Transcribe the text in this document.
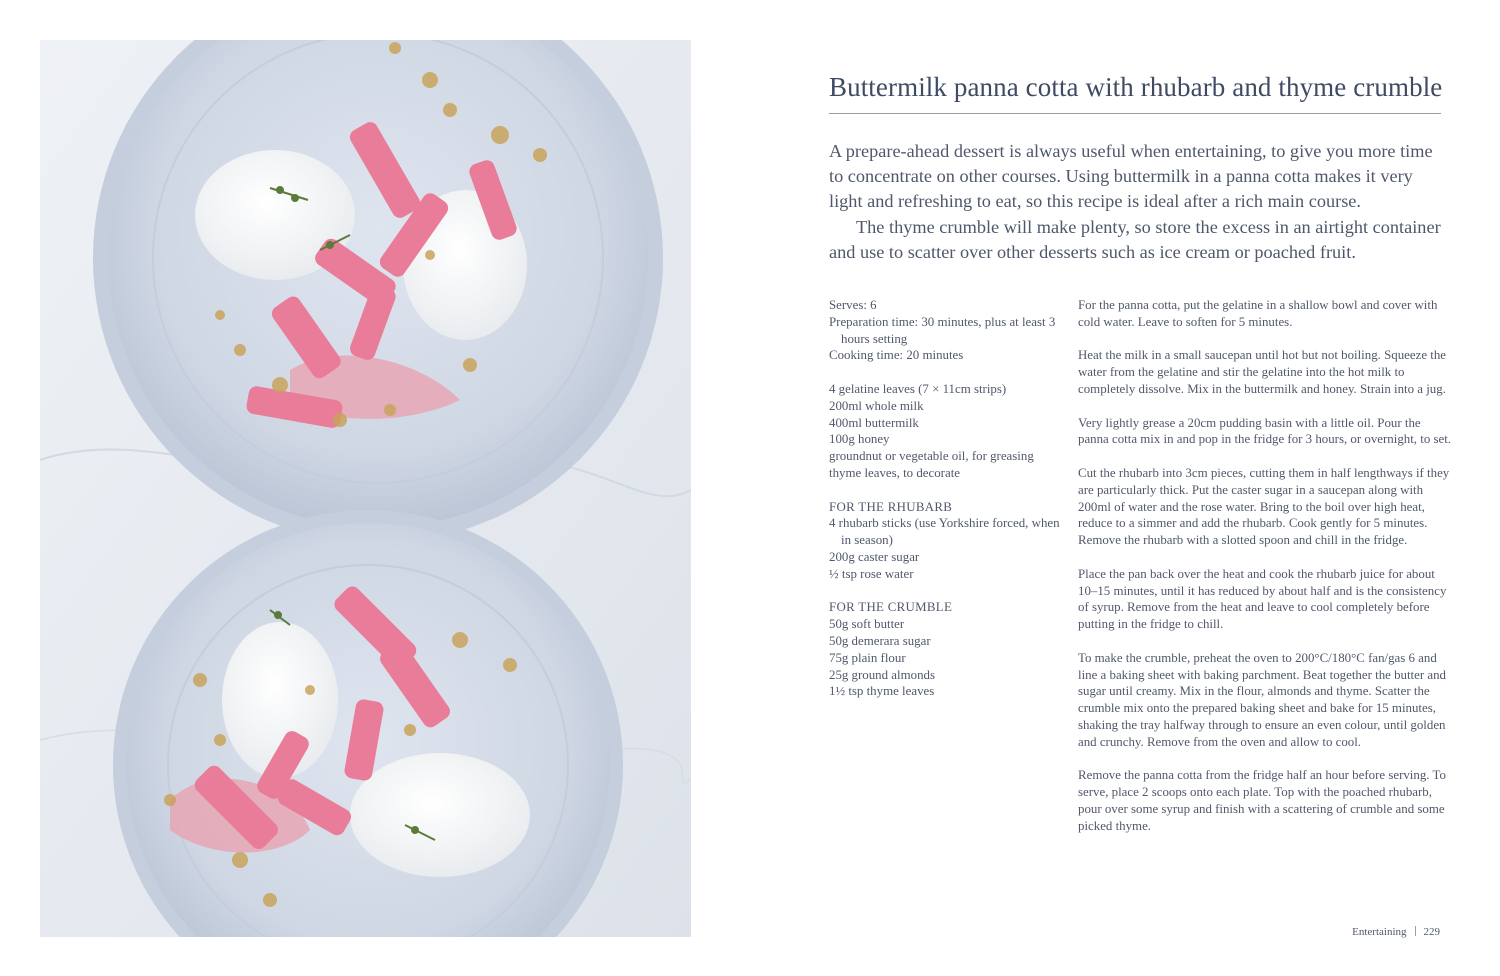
Buttermilk panna cotta with rhubarb and thyme crumble

A prepare-ahead dessert is always useful when entertaining, to give you more time to concentrate on other courses. Using buttermilk in a panna cotta makes it very light and refreshing to eat, so this recipe is ideal after a rich main course.

The thyme crumble will make plenty, so store the excess in an airtight container and use to scatter over other desserts such as ice cream or poached fruit.

Serves: 6
Preparation time: 30 minutes, plus at least 3 hours setting
Cooking time: 20 minutes
4 gelatine leaves (7 × 11cm strips)
200ml whole milk
400ml buttermilk
100g honey
groundnut or vegetable oil, for greasing
thyme leaves, to decorate
FOR THE RHUBARB
4 rhubarb sticks (use Yorkshire forced, when in season)
200g caster sugar
½ tsp rose water
FOR THE CRUMBLE
50g soft butter
50g demerara sugar
75g plain flour
25g ground almonds
1½ tsp thyme leaves

For the panna cotta, put the gelatine in a shallow bowl and cover with cold water. Leave to soften for 5 minutes.

Heat the milk in a small saucepan until hot but not boiling. Squeeze the water from the gelatine and stir the gelatine into the hot milk to completely dissolve. Mix in the buttermilk and honey. Strain into a jug.

Very lightly grease a 20cm pudding basin with a little oil. Pour the panna cotta mix in and pop in the fridge for 3 hours, or overnight, to set.

Cut the rhubarb into 3cm pieces, cutting them in half lengthways if they are particularly thick. Put the caster sugar in a saucepan along with 200ml of water and the rose water. Bring to the boil over high heat, reduce to a simmer and add the rhubarb. Cook gently for 5 minutes. Remove the rhubarb with a slotted spoon and chill in the fridge.

Place the pan back over the heat and cook the rhubarb juice for about 10–15 minutes, until it has reduced by about half and is the consistency of syrup. Remove from the heat and leave to cool completely before putting in the fridge to chill.

To make the crumble, preheat the oven to 200°C/180°C fan/gas 6 and line a baking sheet with baking parchment. Beat together the butter and sugar until creamy. Mix in the flour, almonds and thyme. Scatter the crumble mix onto the prepared baking sheet and bake for 15 minutes, shaking the tray halfway through to ensure an even colour, until golden and crunchy. Remove from the oven and allow to cool.

Remove the panna cotta from the fridge half an hour before serving. To serve, place 2 scoops onto each plate. Top with the poached rhubarb, pour over some syrup and finish with a scattering of crumble and some picked thyme.

Entertaining 229
